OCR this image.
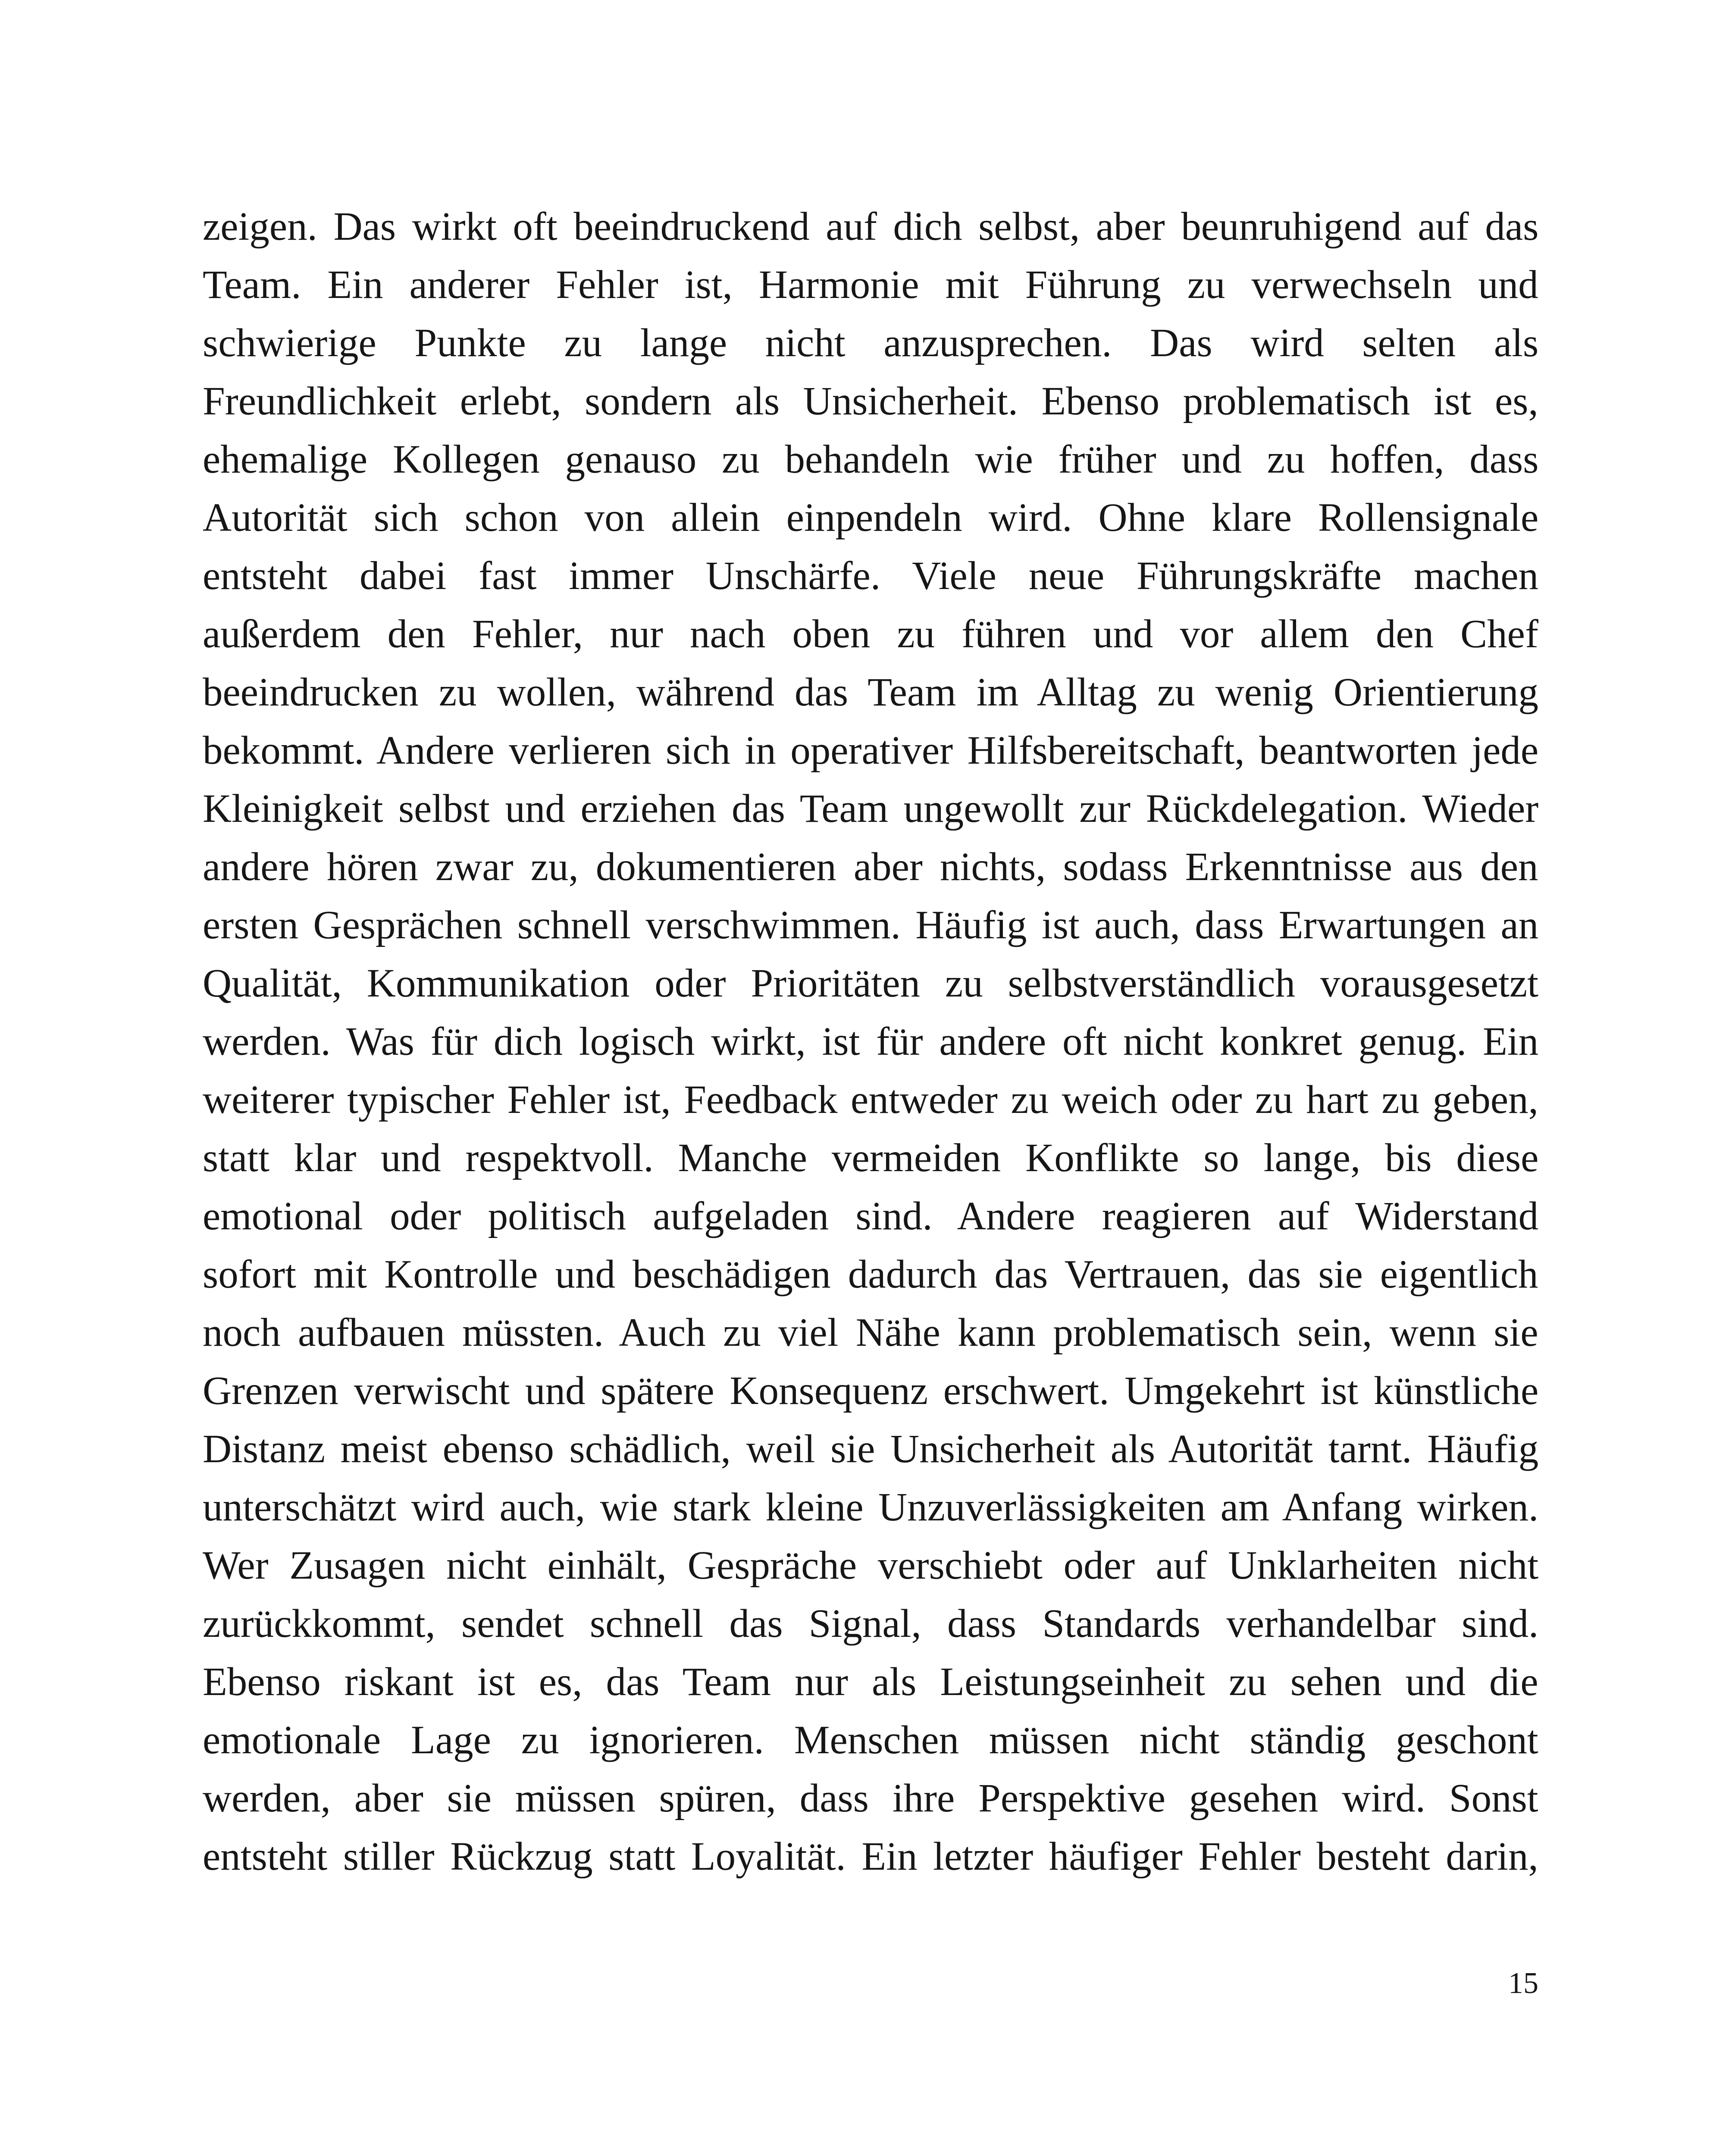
zeigen. Das wirkt oft beeindruckend auf dich selbst, aber beunruhigend auf das
Team. Ein anderer Fehler ist, Harmonie mit Führung zu verwechseln und
schwierige Punkte zu lange nicht anzusprechen. Das wird selten als
Freundlichkeit erlebt, sondern als Unsicherheit. Ebenso problematisch ist es,
ehemalige Kollegen genauso zu behandeln wie früher und zu hoffen, dass
Autorität sich schon von allein einpendeln wird. Ohne klare Rollensignale
entsteht dabei fast immer Unschärfe. Viele neue Führungskräfte machen
außerdem den Fehler, nur nach oben zu führen und vor allem den Chef
beeindrucken zu wollen, während das Team im Alltag zu wenig Orientierung
bekommt. Andere verlieren sich in operativer Hilfsbereitschaft, beantworten jede
Kleinigkeit selbst und erziehen das Team ungewollt zur Rückdelegation. Wieder
andere hören zwar zu, dokumentieren aber nichts, sodass Erkenntnisse aus den
ersten Gesprächen schnell verschwimmen. Häufig ist auch, dass Erwartungen an
Qualität, Kommunikation oder Prioritäten zu selbstverständlich vorausgesetzt
werden. Was für dich logisch wirkt, ist für andere oft nicht konkret genug. Ein
weiterer typischer Fehler ist, Feedback entweder zu weich oder zu hart zu geben,
statt klar und respektvoll. Manche vermeiden Konflikte so lange, bis diese
emotional oder politisch aufgeladen sind. Andere reagieren auf Widerstand
sofort mit Kontrolle und beschädigen dadurch das Vertrauen, das sie eigentlich
noch aufbauen müssten. Auch zu viel Nähe kann problematisch sein, wenn sie
Grenzen verwischt und spätere Konsequenz erschwert. Umgekehrt ist künstliche
Distanz meist ebenso schädlich, weil sie Unsicherheit als Autorität tarnt. Häufig
unterschätzt wird auch, wie stark kleine Unzuverlässigkeiten am Anfang wirken.
Wer Zusagen nicht einhält, Gespräche verschiebt oder auf Unklarheiten nicht
zurückkommt, sendet schnell das Signal, dass Standards verhandelbar sind.
Ebenso riskant ist es, das Team nur als Leistungseinheit zu sehen und die
emotionale Lage zu ignorieren. Menschen müssen nicht ständig geschont
werden, aber sie müssen spüren, dass ihre Perspektive gesehen wird. Sonst
entsteht stiller Rückzug statt Loyalität. Ein letzter häufiger Fehler besteht darin,
15
